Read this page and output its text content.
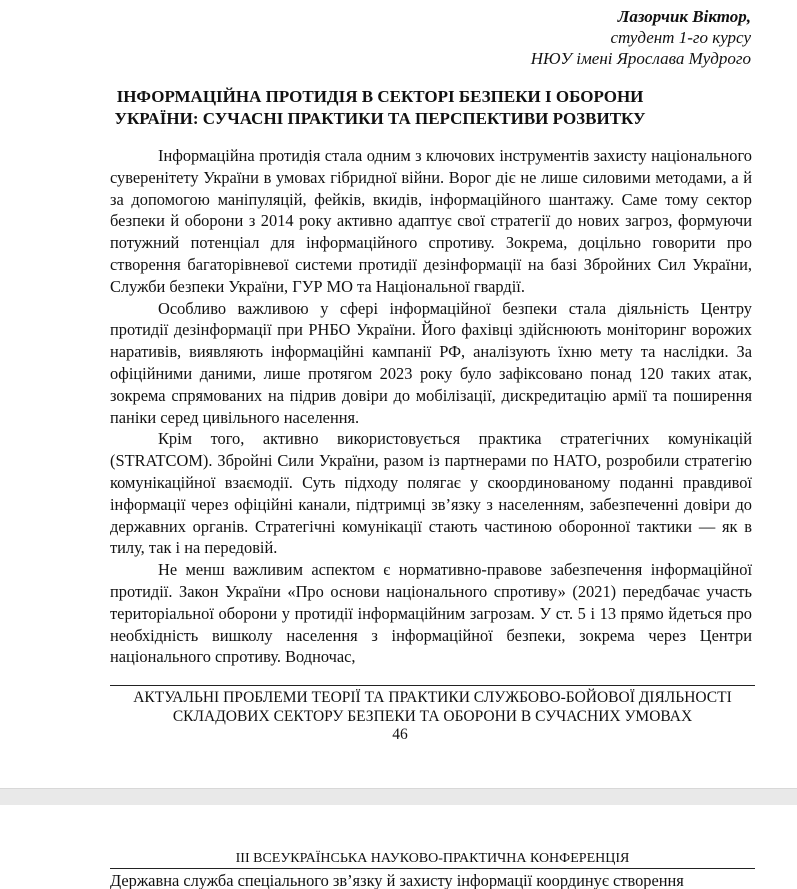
Лазорчик Віктор,
студент 1-го курсу
НЮУ імені Ярослава Мудрого
ІНФОРМАЦІЙНА ПРОТИДІЯ В СЕКТОРІ БЕЗПЕКИ І ОБОРОНИ
УКРАЇНИ: СУЧАСНІ ПРАКТИКИ ТА ПЕРСПЕКТИВИ РОЗВИТКУ

Інформаційна протидія стала одним з ключових інструментів захисту національного суверенітету України в умовах гібридної війни. Ворог діє не лише силовими методами, а й за допомогою маніпуляцій, фейків, вкидів, інформаційного шантажу. Саме тому сектор безпеки й оборони з 2014 року активно адаптує свої стратегії до нових загроз, формуючи потужний потенціал для інформаційного спротиву. Зокрема, доцільно говорити про створення багаторівневої системи протидії дезінформації на базі Збройних Сил України, Служби безпеки України, ГУР МО та Національної гвардії.

Особливо важливою у сфері інформаційної безпеки стала діяльність Центру протидії дезінформації при РНБО України. Його фахівці здійснюють моніторинг ворожих наративів, виявляють інформаційні кампанії РФ, аналізують їхню мету та наслідки. За офіційними даними, лише протягом 2023 року було зафіксовано понад 120 таких атак, зокрема спрямованих на підрив довіри до мобілізації, дискредитацію армії та поширення паніки серед цивільного населення.

Крім того, активно використовується практика стратегічних комунікацій (STRATCOM). Збройні Сили України, разом із партнерами по НАТО, розробили стратегію комунікаційної взаємодії. Суть підходу полягає у скоординованому поданні правдивої інформації через офіційні канали, підтримці зв’язку з населенням, забезпеченні довіри до державних органів. Стратегічні комунікації стають частиною оборонної тактики — як в тилу, так і на передовій.

Не менш важливим аспектом є нормативно-правове забезпечення інформаційної протидії. Закон України «Про основи національного спротиву» (2021) передбачає участь територіальної оборони у протидії інформаційним загрозам. У ст. 5 і 13 прямо йдеться про необхідність вишколу населення з інформаційної безпеки, зокрема через Центри національного спротиву. Водночас,

АКТУАЛЬНІ ПРОБЛЕМИ ТЕОРІЇ ТА ПРАКТИКИ СЛУЖБОВО-БОЙОВОЇ ДІЯЛЬНОСТІ
СКЛАДОВИХ СЕКТОРУ БЕЗПЕКИ ТА ОБОРОНИ В СУЧАСНИХ УМОВАХ
46
ІІІ ВСЕУКРАЇНСЬКА НАУКОВО-ПРАКТИЧНА КОНФЕРЕНЦІЯ
Державна служба спеціального зв’язку й захисту інформації координує створення
